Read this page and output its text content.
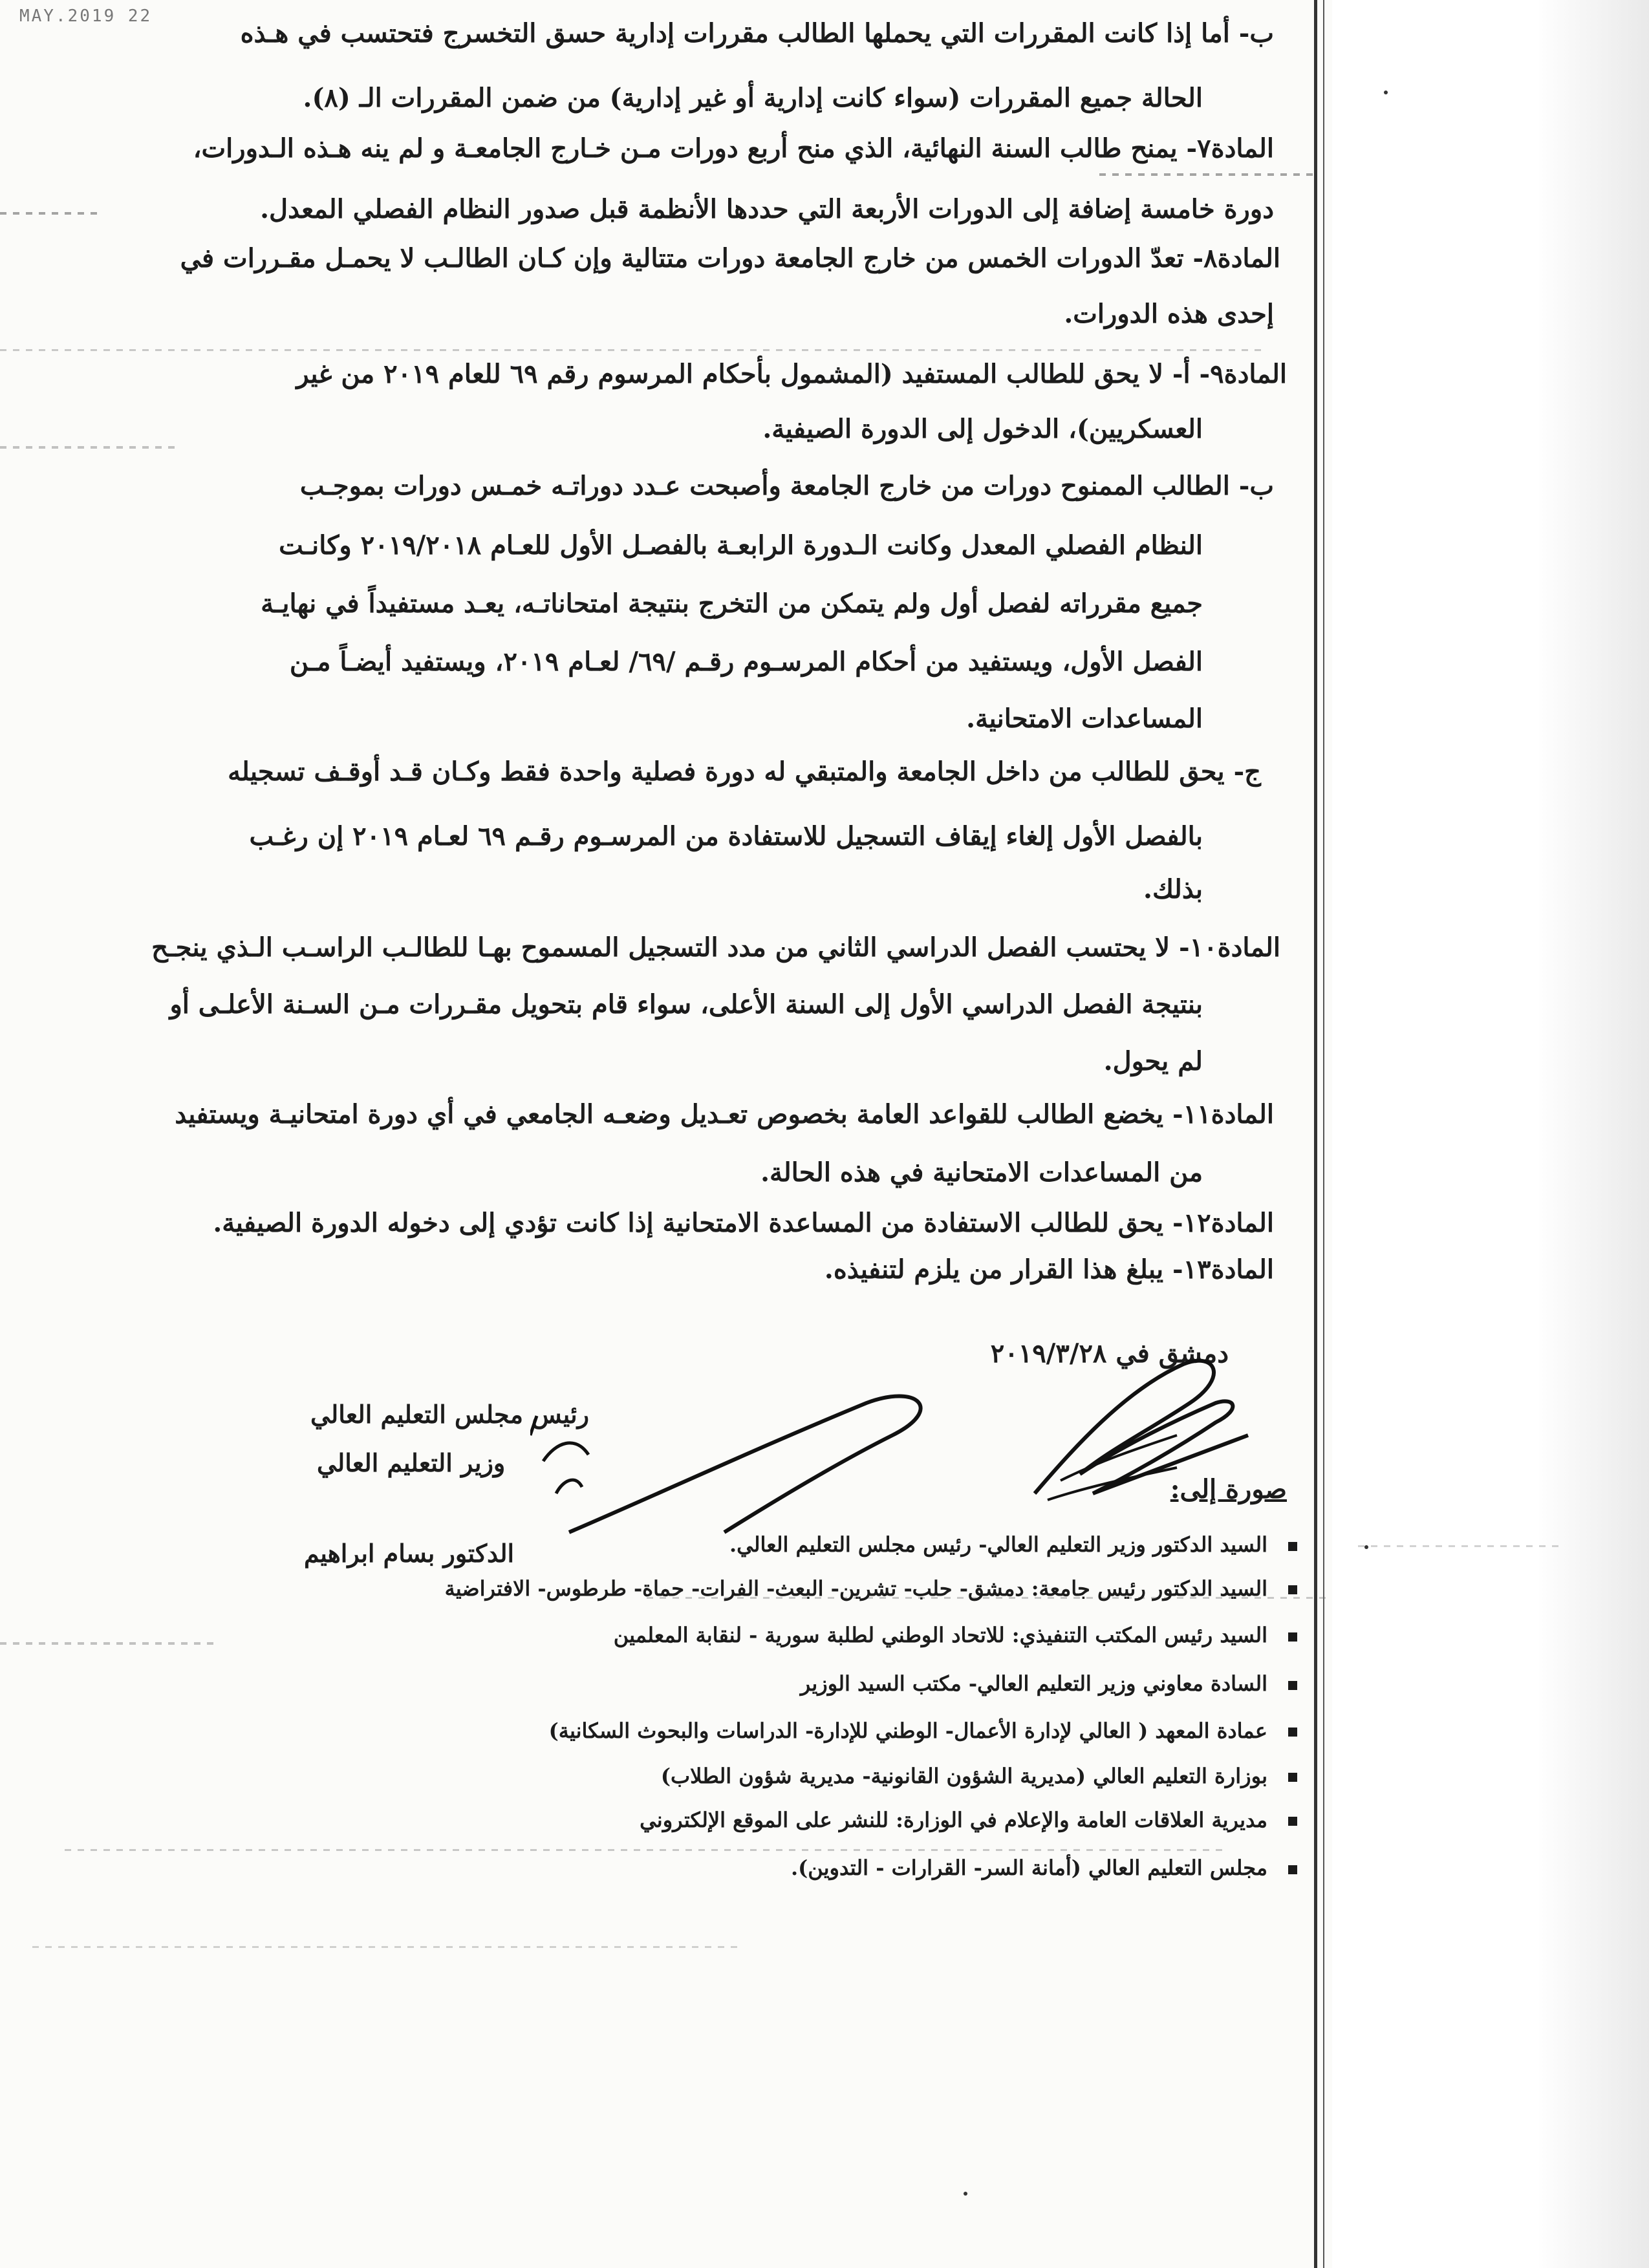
MAY.2019 22
ب- أما إذا كانت المقررات التي يحملها الطالب مقررات إدارية حسق التخسرج فتحتسب في هـذه
الحالة جميع المقررات (سواء كانت إدارية أو غير إدارية) من ضمن المقررات الـ (٨).
المادة٧- يمنح طالب السنة النهائية، الذي منح أربع دورات مـن خـارج الجامعـة و لم ينه هـذه الـدورات،
دورة خامسة إضافة إلى الدورات الأربعة التي حددها الأنظمة قبل صدور النظام الفصلي المعدل.
المادة٨- تعدّ الدورات الخمس من خارج الجامعة دورات متتالية وإن كـان الطالـب لا يحمـل مقـررات في
إحدى هذه الدورات.
المادة٩- أ- لا يحق للطالب المستفيد (المشمول بأحكام المرسوم رقم ٦٩ للعام ٢٠١٩ من غير
العسكريين)، الدخول إلى الدورة الصيفية.
ب- الطالب الممنوح دورات من خارج الجامعة وأصبحت عـدد دوراتـه خمـس دورات بموجـب
النظام الفصلي المعدل وكانت الـدورة الرابعـة بالفصـل الأول للعـام ٢٠١٩/٢٠١٨ وكانـت
جميع مقرراته لفصل أول ولم يتمكن من التخرج بنتيجة امتحاناتـه، يعـد مستفيداً في نهايـة
الفصل الأول، ويستفيد من أحكام المرسـوم رقـم /٦٩/ لعـام ٢٠١٩، ويستفيد أيضـاً مـن
المساعدات الامتحانية.
ج- يحق للطالب من داخل الجامعة والمتبقي له دورة فصلية واحدة فقط وكـان قـد أوقـف تسجيله
بالفصل الأول إلغاء إيقاف التسجيل للاستفادة من المرسـوم رقـم ٦٩ لعـام ٢٠١٩ إن رغـب
بذلك.
المادة١٠- لا يحتسب الفصل الدراسي الثاني من مدد التسجيل المسموح بهـا للطالـب الراسـب الـذي ينجـح
بنتيجة الفصل الدراسي الأول إلى السنة الأعلى، سواء قام بتحويل مقـررات مـن السـنة الأعلـى أو
لم يحول.
المادة١١- يخضع الطالب للقواعد العامة بخصوص تعـديل وضعـه الجامعي في أي دورة امتحانيـة ويستفيد
من المساعدات الامتحانية في هذه الحالة.
المادة١٢- يحق للطالب الاستفادة من المساعدة الامتحانية إذا كانت تؤدي إلى دخوله الدورة الصيفية.
المادة١٣- يبلغ هذا القرار من يلزم لتنفيذه.
دمشق في ٢٠١٩/٣/٢٨
رئيس مجلس التعليم العالي
وزير التعليم العالي
الدكتور بسام ابراهيم
صورة إلى:
السيد الدكتور وزير التعليم العالي- رئيس مجلس التعليم العالي.
السيد الدكتور رئيس جامعة: دمشق- حلب- تشرين- البعث- الفرات- حماة- طرطوس- الافتراضية
السيد رئيس المكتب التنفيذي: للاتحاد الوطني لطلبة سورية - لنقابة المعلمين
السادة معاوني وزير التعليم العالي- مكتب السيد الوزير
عمادة المعهد ( العالي لإدارة الأعمال- الوطني للإدارة- الدراسات والبحوث السكانية)
بوزارة التعليم العالي (مديرية الشؤون القانونية- مديرية شؤون الطلاب)
مديرية العلاقات العامة والإعلام في الوزارة: للنشر على الموقع الإلكتروني
مجلس التعليم العالي (أمانة السر- القرارات - التدوين).
